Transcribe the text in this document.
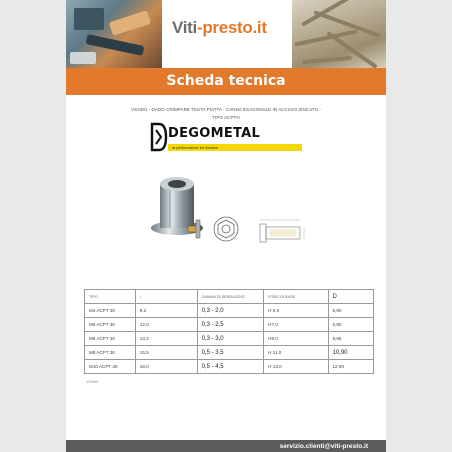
Viti-presto.it
Scheda tecnica
VS4381 - DADO CRIMPARE TESTA PIATTA - CANNA ESAGONALE IN ACCIAIO ZINCATO -
TIPO ACPTH
DEGOMETAL
la performance en fixation
TIPO	l	GAMMA DI SERRAGGIO	FORO DI BASE	D
M4 ACPT 30	9,2	0,3 - 2,0	H 6,0	5,90
M5 ACPT 30	12,0	0,3 - 2,5	H7,0	6,90
M6 ACPT 30	13,3	0,3 - 3,0	H9,0	8,96
M8 ACPT 30	15,5	0,5 - 3,5	H 11,0	10,90
M10 ACPT 35	18,0	0,5 - 4,5	H 13,0	12,90
VS4381
servizio.clienti@viti-presto.it
